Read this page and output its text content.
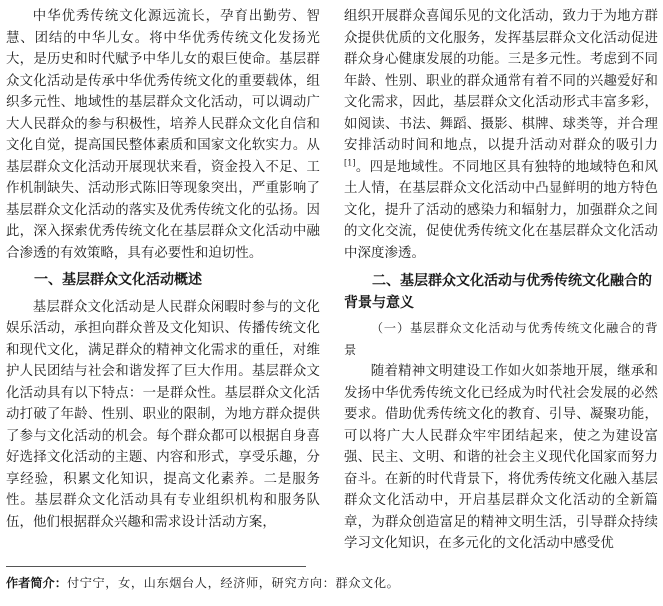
中华优秀传统文化源远流长，孕育出勤劳、智慧、团结的中华儿女。将中华优秀传统文化发扬光大，是历史和时代赋予中华儿女的艰巨使命。基层群众文化活动是传承中华优秀传统文化的重要载体，组织多元性、地域性的基层群众文化活动，可以调动广大人民群众的参与积极性，培养人民群众文化自信和文化自觉，提高国民整体素质和国家文化软实力。从基层群众文化活动开展现状来看，资金投入不足、工作机制缺失、活动形式陈旧等现象突出，严重影响了基层群众文化活动的落实及优秀传统文化的弘扬。因此，深入探索优秀传统文化在基层群众文化活动中融合渗透的有效策略，具有必要性和迫切性。

一、基层群众文化活动概述

基层群众文化活动是人民群众闲暇时参与的文化娱乐活动，承担向群众普及文化知识、传播传统文化和现代文化，满足群众的精神文化需求的重任，对维护人民团结与社会和谐发挥了巨大作用。基层群众文化活动具有以下特点：一是群众性。基层群众文化活动打破了年龄、性别、职业的限制，为地方群众提供了参与文化活动的机会。每个群众都可以根据自身喜好选择文化活动的主题、内容和形式，享受乐趣，分享经验，积累文化知识，提高文化素养。二是服务性。基层群众文化活动具有专业组织机构和服务队伍，他们根据群众兴趣和需求设计活动方案，

组织开展群众喜闻乐见的文化活动，致力于为地方群众提供优质的文化服务，发挥基层群众文化活动促进群众身心健康发展的功能。三是多元性。考虑到不同年龄、性别、职业的群众通常有着不同的兴趣爱好和文化需求，因此，基层群众文化活动形式丰富多彩，如阅读、书法、舞蹈、摄影、棋牌、球类等，并合理安排活动时间和地点，以提升活动对群众的吸引力[1]。四是地域性。不同地区具有独特的地域特色和风土人情，在基层群众文化活动中凸显鲜明的地方特色文化，提升了活动的感染力和辐射力，加强群众之间的文化交流，促使优秀传统文化在基层群众文化活动中深度渗透。

二、基层群众文化活动与优秀传统文化融合的背景与意义

（一）基层群众文化活动与优秀传统文化融合的背景

随着精神文明建设工作如火如荼地开展，继承和发扬中华优秀传统文化已经成为时代社会发展的必然要求。借助优秀传统文化的教育、引导、凝聚功能，可以将广大人民群众牢牢团结起来，使之为建设富强、民主、文明、和谐的社会主义现代化国家而努力奋斗。在新的时代背景下，将优秀传统文化融入基层群众文化活动中，开启基层群众文化活动的全新篇章，为群众创造富足的精神文明生活，引导群众持续学习文化知识，在多元化的文化活动中感受优

作者简介：付宁宁，女，山东烟台人，经济师，研究方向：群众文化。
